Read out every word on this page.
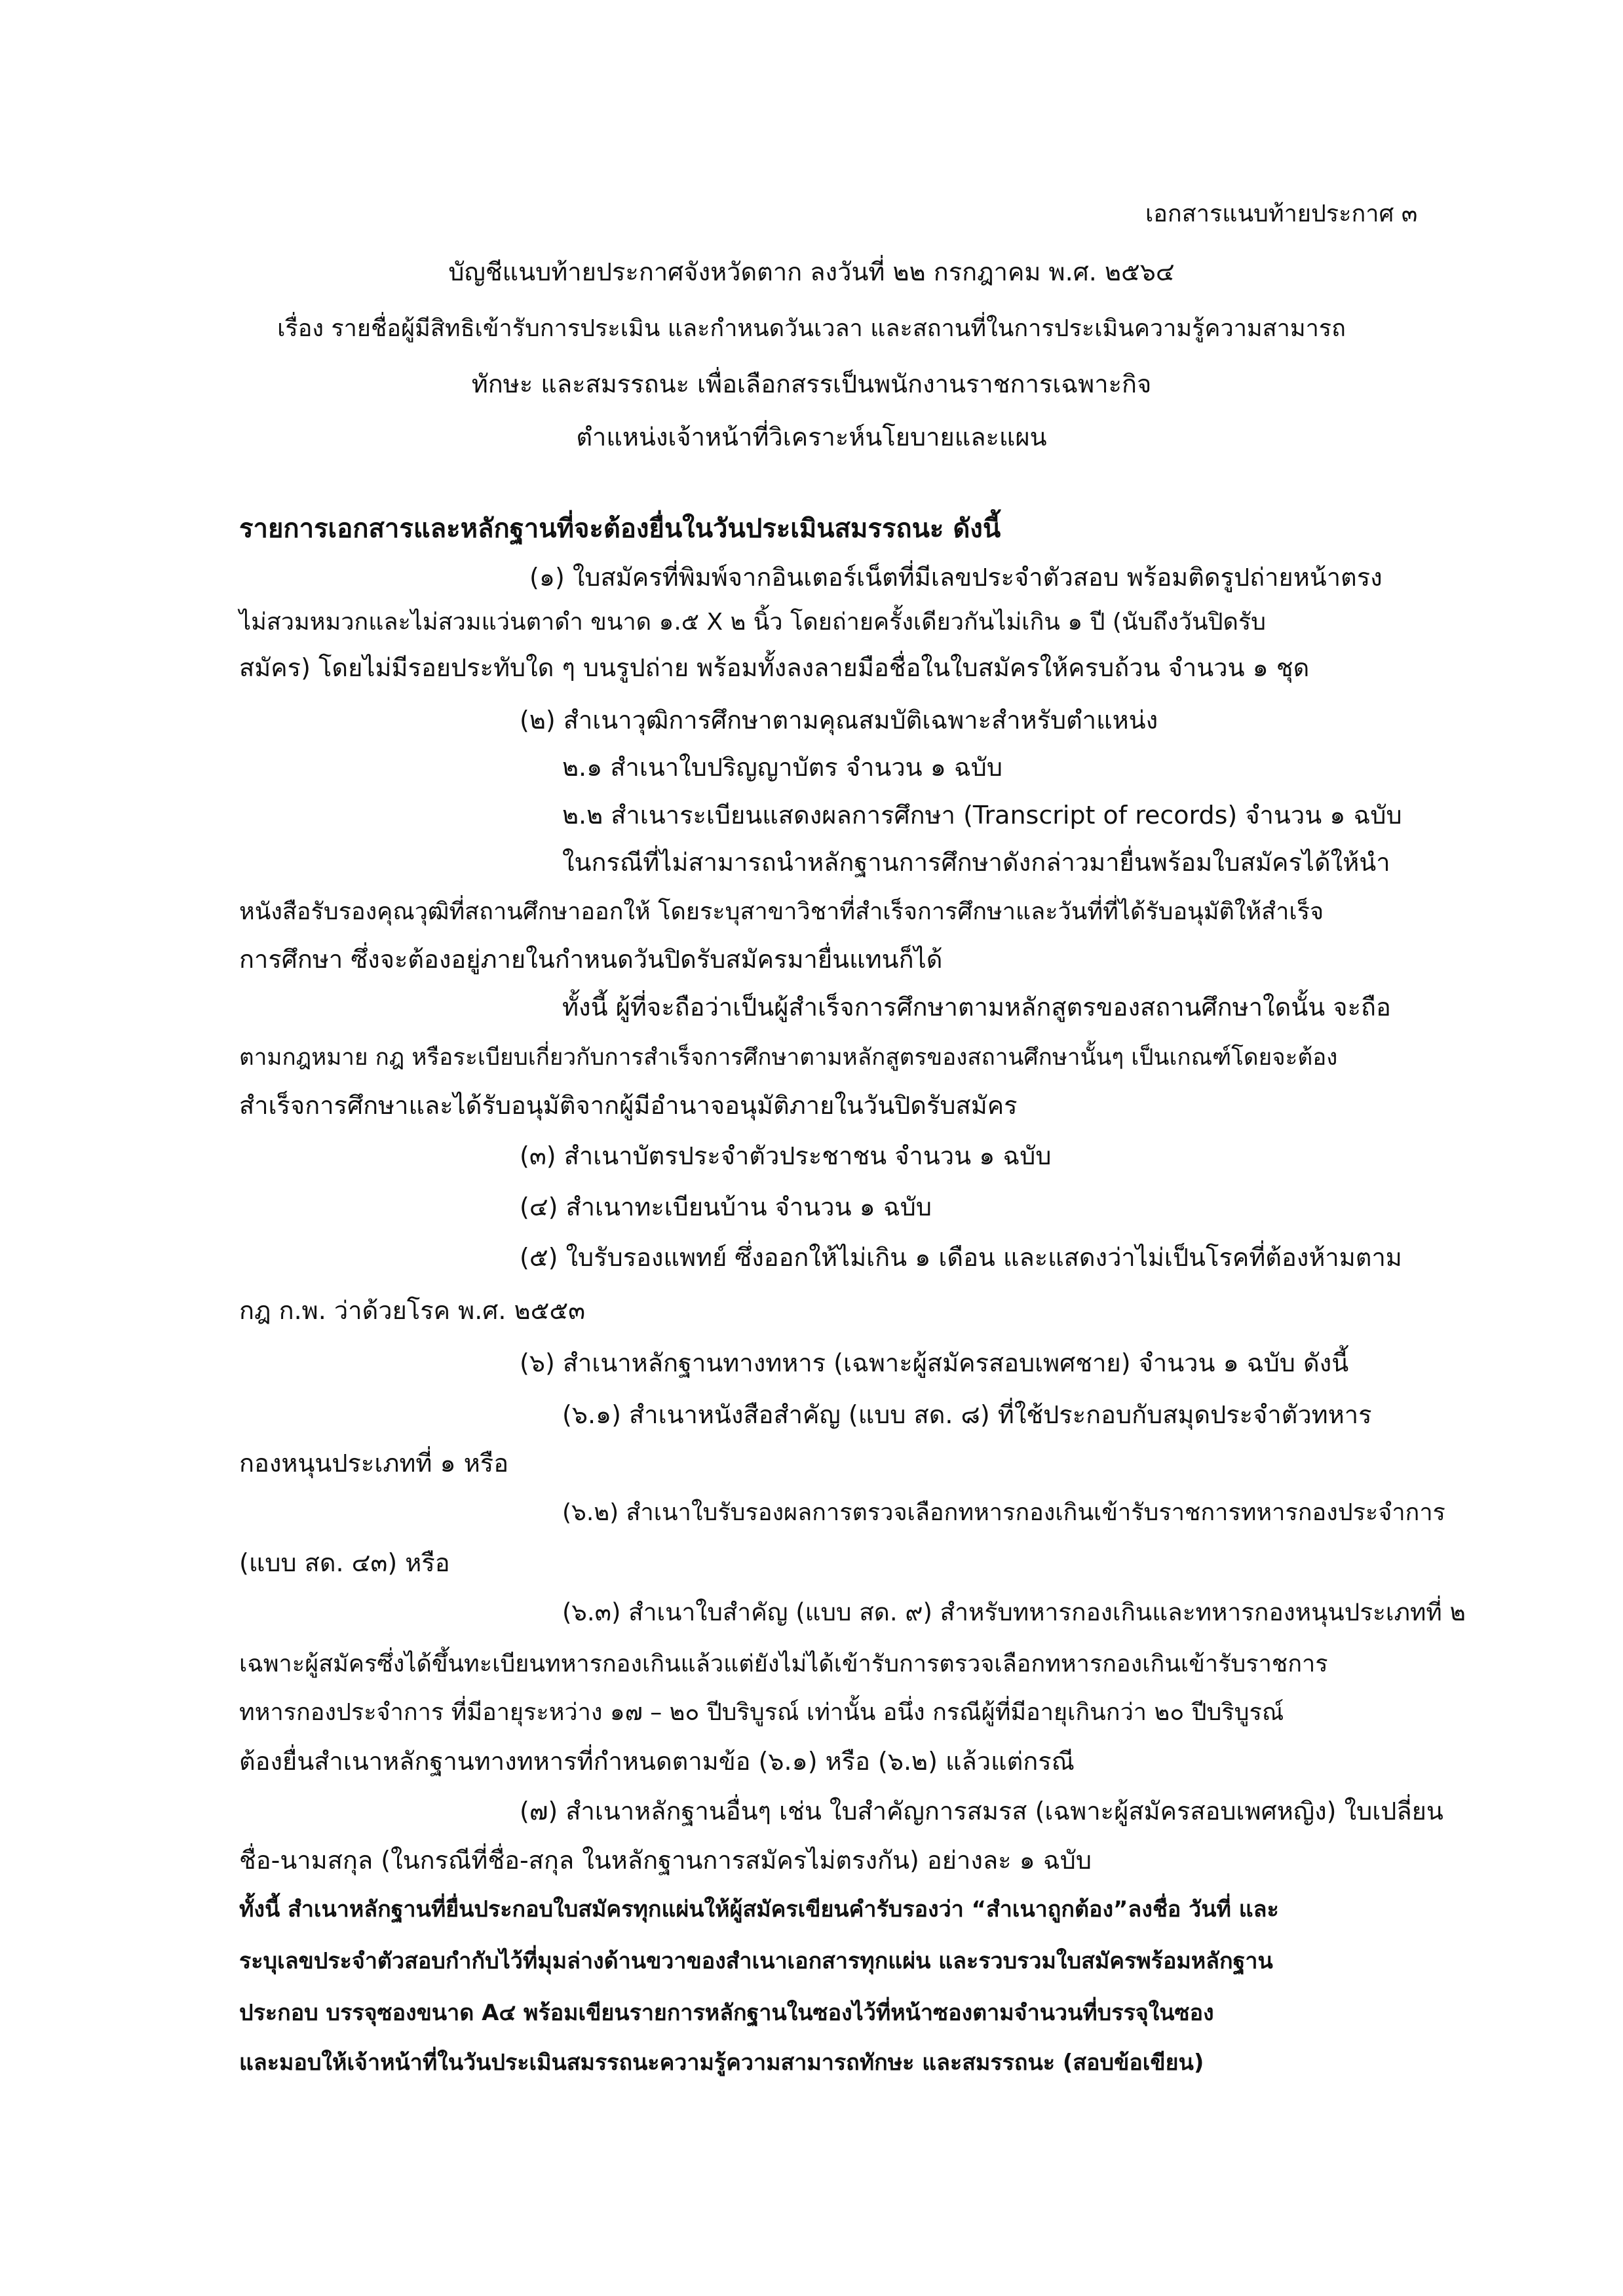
เอกสารแนบท้ายประกาศ ๓
บัญชีแนบท้ายประกาศจังหวัดตาก ลงวันที่ ๒๒ กรกฎาคม พ.ศ. ๒๕๖๔
เรื่อง รายชื่อผู้มีสิทธิเข้ารับการประเมิน และกำหนดวันเวลา และสถานที่ในการประเมินความรู้ความสามารถ
ทักษะ และสมรรถนะ เพื่อเลือกสรรเป็นพนักงานราชการเฉพาะกิจ
ตำแหน่งเจ้าหน้าที่วิเคราะห์นโยบายและแผน
รายการเอกสารและหลักฐานที่จะต้องยื่นในวันประเมินสมรรถนะ ดังนี้
(๑) ใบสมัครที่พิมพ์จากอินเตอร์เน็ตที่มีเลขประจำตัวสอบ พร้อมติดรูปถ่ายหน้าตรง
ไม่สวมหมวกและไม่สวมแว่นตาดำ ขนาด ๑.๕ X ๒ นิ้ว โดยถ่ายครั้งเดียวกันไม่เกิน ๑ ปี (นับถึงวันปิดรับ
สมัคร) โดยไม่มีรอยประทับใด ๆ บนรูปถ่าย พร้อมทั้งลงลายมือชื่อในใบสมัครให้ครบถ้วน จำนวน ๑ ชุด
(๒) สำเนาวุฒิการศึกษาตามคุณสมบัติเฉพาะสำหรับตำแหน่ง
๒.๑ สำเนาใบปริญญาบัตร จำนวน ๑ ฉบับ
๒.๒ สำเนาระเบียนแสดงผลการศึกษา (Transcript of records) จำนวน ๑ ฉบับ
ในกรณีที่ไม่สามารถนำหลักฐานการศึกษาดังกล่าวมายื่นพร้อมใบสมัครได้ให้นำ
หนังสือรับรองคุณวุฒิที่สถานศึกษาออกให้ โดยระบุสาขาวิชาที่สำเร็จการศึกษาและวันที่ที่ได้รับอนุมัติให้สำเร็จ
การศึกษา ซึ่งจะต้องอยู่ภายในกำหนดวันปิดรับสมัครมายื่นแทนก็ได้
ทั้งนี้ ผู้ที่จะถือว่าเป็นผู้สำเร็จการศึกษาตามหลักสูตรของสถานศึกษาใดนั้น จะถือ
ตามกฎหมาย กฎ หรือระเบียบเกี่ยวกับการสำเร็จการศึกษาตามหลักสูตรของสถานศึกษานั้นๆ เป็นเกณฑ์โดยจะต้อง
สำเร็จการศึกษาและได้รับอนุมัติจากผู้มีอำนาจอนุมัติภายในวันปิดรับสมัคร
(๓) สำเนาบัตรประจำตัวประชาชน จำนวน ๑ ฉบับ
(๔) สำเนาทะเบียนบ้าน จำนวน ๑ ฉบับ
(๕) ใบรับรองแพทย์ ซึ่งออกให้ไม่เกิน ๑ เดือน และแสดงว่าไม่เป็นโรคที่ต้องห้ามตาม
กฎ ก.พ. ว่าด้วยโรค พ.ศ. ๒๕๕๓
(๖) สำเนาหลักฐานทางทหาร (เฉพาะผู้สมัครสอบเพศชาย) จำนวน ๑ ฉบับ ดังนี้
(๖.๑) สำเนาหนังสือสำคัญ (แบบ สด. ๘) ที่ใช้ประกอบกับสมุดประจำตัวทหาร
กองหนุนประเภทที่ ๑ หรือ
(๖.๒) สำเนาใบรับรองผลการตรวจเลือกทหารกองเกินเข้ารับราชการทหารกองประจำการ
(แบบ สด. ๔๓) หรือ
(๖.๓) สำเนาใบสำคัญ (แบบ สด. ๙) สำหรับทหารกองเกินและทหารกองหนุนประเภทที่ ๒
เฉพาะผู้สมัครซึ่งได้ขึ้นทะเบียนทหารกองเกินแล้วแต่ยังไม่ได้เข้ารับการตรวจเลือกทหารกองเกินเข้ารับราชการ
ทหารกองประจำการ ที่มีอายุระหว่าง ๑๗ – ๒๐ ปีบริบูรณ์ เท่านั้น อนึ่ง กรณีผู้ที่มีอายุเกินกว่า ๒๐ ปีบริบูรณ์
ต้องยื่นสำเนาหลักฐานทางทหารที่กำหนดตามข้อ (๖.๑) หรือ (๖.๒) แล้วแต่กรณี
(๗) สำเนาหลักฐานอื่นๆ เช่น ใบสำคัญการสมรส (เฉพาะผู้สมัครสอบเพศหญิง) ใบเปลี่ยน
ชื่อ-นามสกุล (ในกรณีที่ชื่อ-สกุล ในหลักฐานการสมัครไม่ตรงกัน) อย่างละ ๑ ฉบับ
ทั้งนี้ สำเนาหลักฐานที่ยื่นประกอบใบสมัครทุกแผ่นให้ผู้สมัครเขียนคำรับรองว่า “สำเนาถูกต้อง”ลงชื่อ วันที่ และ
ระบุเลขประจำตัวสอบกำกับไว้ที่มุมล่างด้านขวาของสำเนาเอกสารทุกแผ่น และรวบรวมใบสมัครพร้อมหลักฐาน
ประกอบ บรรจุซองขนาด A๔ พร้อมเขียนรายการหลักฐานในซองไว้ที่หน้าซองตามจำนวนที่บรรจุในซอง
และมอบให้เจ้าหน้าที่ในวันประเมินสมรรถนะความรู้ความสามารถทักษะ และสมรรถนะ (สอบข้อเขียน)
